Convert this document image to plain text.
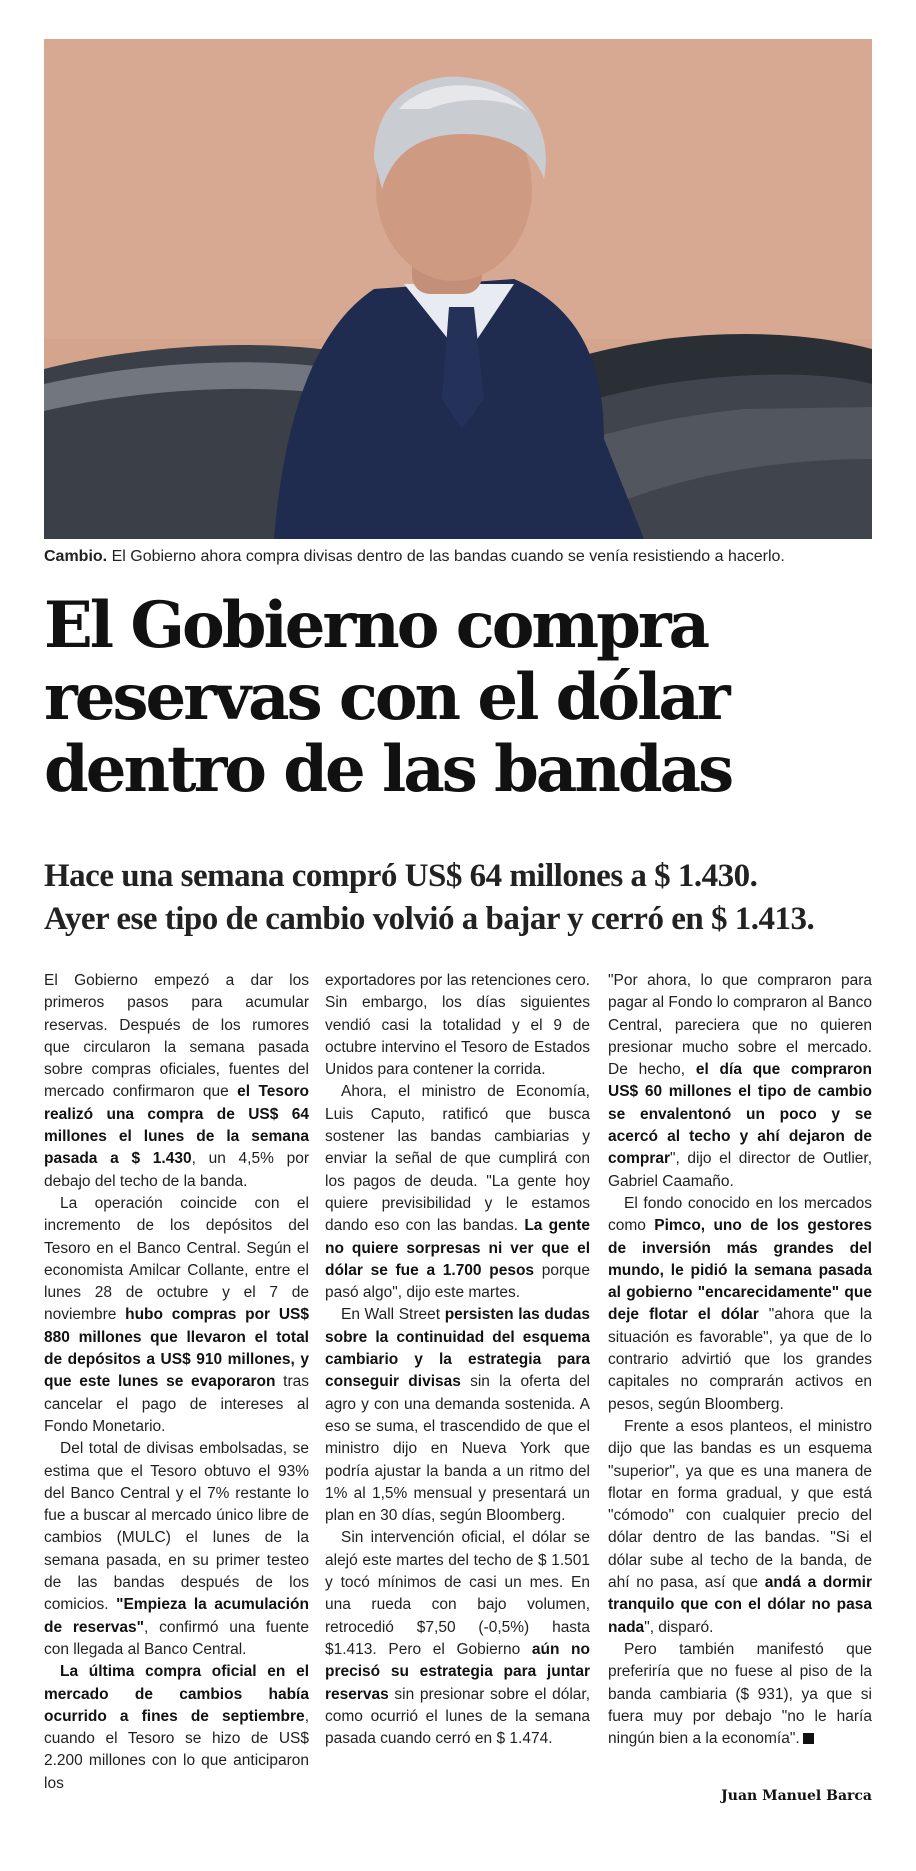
Cambio. El Gobierno ahora compra divisas dentro de las bandas cuando se venía resistiendo a hacerlo.
El Gobierno compra
reservas con el dólar
dentro de las bandas
Hace una semana compró US$ 64 millones a $ 1.430.
Ayer ese tipo de cambio volvió a bajar y cerró en $ 1.413.

El Gobierno empezó a dar los primeros pasos para acumular reservas. Después de los rumores que circularon la semana pasada sobre compras oficiales, fuentes del mercado confirmaron que el Tesoro realizó una compra de US$ 64 millones el lunes de la semana pasada a $ 1.430, un 4,5% por debajo del techo de la banda.

La operación coincide con el incremento de los depósitos del Tesoro en el Banco Central. Según el economista Amilcar Collante, entre el lunes 28 de octubre y el 7 de noviembre hubo compras por US$ 880 millones que llevaron el total de depósitos a US$ 910 millones, y que este lunes se evaporaron tras cancelar el pago de intereses al Fondo Monetario.

Del total de divisas embolsadas, se estima que el Tesoro obtuvo el 93% del Banco Central y el 7% restante lo fue a buscar al mercado único libre de cambios (MULC) el lunes de la semana pasada, en su primer testeo de las bandas después de los comicios. "Empieza la acumulación de reservas", confirmó una fuente con llegada al Banco Central.

La última compra oficial en el mercado de cambios había ocurrido a fines de septiembre, cuando el Tesoro se hizo de US$ 2.200 millones con lo que anticiparon los

exportadores por las retenciones cero. Sin embargo, los días siguientes vendió casi la totalidad y el 9 de octubre intervino el Tesoro de Estados Unidos para contener la corrida.

Ahora, el ministro de Economía, Luis Caputo, ratificó que busca sostener las bandas cambiarias y enviar la señal de que cumplirá con los pagos de deuda. "La gente hoy quiere previsibilidad y le estamos dando eso con las bandas. La gente no quiere sorpresas ni ver que el dólar se fue a 1.700 pesos porque pasó algo", dijo este martes.

En Wall Street persisten las dudas sobre la continuidad del esquema cambiario y la estrategia para conseguir divisas sin la oferta del agro y con una demanda sostenida. A eso se suma, el trascendido de que el ministro dijo en Nueva York que podría ajustar la banda a un ritmo del 1% al 1,5% mensual y presentará un plan en 30 días, según Bloomberg.

Sin intervención oficial, el dólar se alejó este martes del techo de $ 1.501 y tocó mínimos de casi un mes. En una rueda con bajo volumen, retrocedió $7,50 (-0,5%) hasta $1.413. Pero el Gobierno aún no precisó su estrategia para juntar reservas sin presionar sobre el dólar, como ocurrió el lunes de la semana pasada cuando cerró en $ 1.474.

"Por ahora, lo que compraron para pagar al Fondo lo compraron al Banco Central, pareciera que no quieren presionar mucho sobre el mercado. De hecho, el día que compraron US$ 60 millones el tipo de cambio se envalentonó un poco y se acercó al techo y ahí dejaron de comprar", dijo el director de Outlier, Gabriel Caamaño.

El fondo conocido en los mercados como Pimco, uno de los gestores de inversión más grandes del mundo, le pidió la semana pasada al gobierno "encarecidamente" que deje flotar el dólar "ahora que la situación es favorable", ya que de lo contrario advirtió que los grandes capitales no comprarán activos en pesos, según Bloomberg.

Frente a esos planteos, el ministro dijo que las bandas es un esquema "superior", ya que es una manera de flotar en forma gradual, y que está "cómodo" con cualquier precio del dólar dentro de las bandas. "Si el dólar sube al techo de la banda, de ahí no pasa, así que andá a dormir tranquilo que con el dólar no pasa nada", disparó.

Pero también manifestó que preferiría que no fuese al piso de la banda cambiaria ($ 931), ya que si fuera muy por debajo "no le haría ningún bien a la economía".

Juan Manuel Barca
